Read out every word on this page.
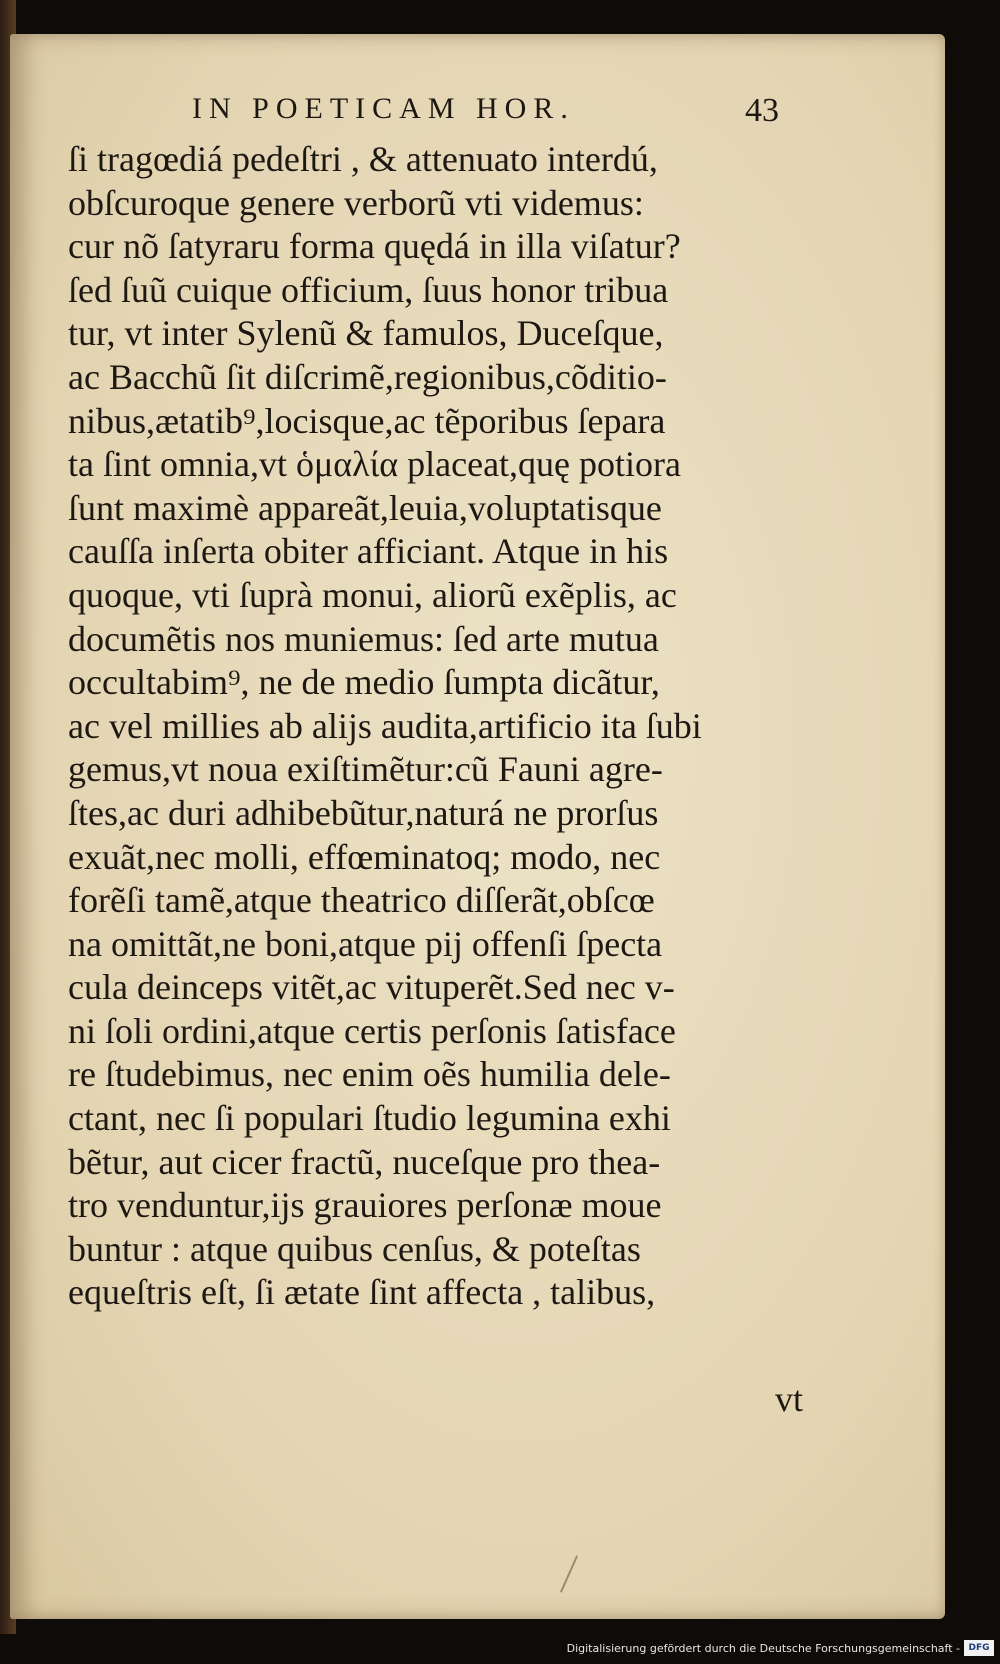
IN POETICAM HOR.	43
ſi tragœdiá pedeſtri , & attenuato interdú,
obſcuroque genere verborũ vti videmus:
cur nõ ſatyraru forma quędá in illa viſatur?
ſed ſuũ cuique officium, ſuus honor tribua
tur, vt inter Sylenũ & famulos, Duceſque,
ac Bacchũ ſit diſcrimẽ,regionibus,cõditio-
nibus,ætatib⁹,locisque,ac tẽporibus ſepara
ta ſint omnia,vt ὁμαλία placeat,quę potiora
ſunt maximè appareãt,leuia,voluptatisque
cauſſa inſerta obiter afficiant. Atque in his
quoque, vti ſuprà monui, aliorũ exẽplis, ac
documẽtis nos muniemus: ſed arte mutua
occultabim⁹, ne de medio ſumpta dicãtur,
ac vel millies ab alijs audita,artificio ita ſubi
gemus,vt noua exiſtimẽtur:cũ Fauni agre-
ſtes,ac duri adhibebũtur,naturá ne prorſus
exuãt,nec molli, effœminatoq; modo, nec
forẽſi tamẽ,atque theatrico diſſerãt,obſcœ
na omittãt,ne boni,atque pij offenſi ſpecta
cula deinceps vitẽt,ac vituperẽt.Sed nec v-
ni ſoli ordini,atque certis perſonis ſatisface
re ſtudebimus, nec enim oẽs humilia dele-
ctant, nec ſi populari ſtudio legumina exhi
bẽtur, aut cicer fractũ, nuceſque pro thea-
tro venduntur,ijs grauiores perſonæ moue
buntur : atque quibus cenſus, & poteſtas
equeſtris eſt, ſi ætate ſint affecta , talibus,
vt
Digitalisierung gefördert durch die Deutsche Forschungsgemeinschaft - DFG
